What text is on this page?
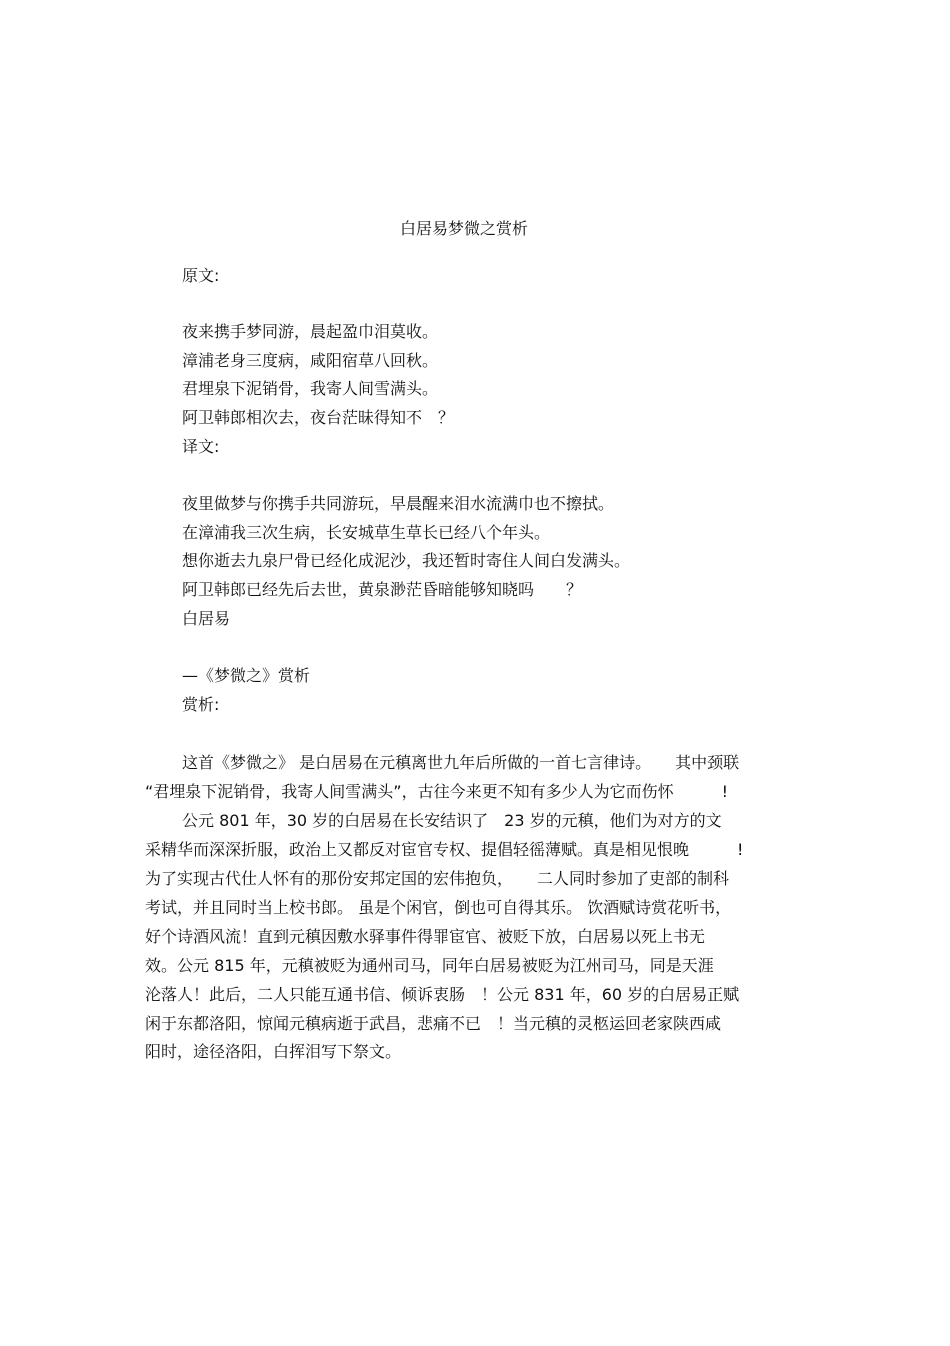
白居易梦微之赏析
原文:
夜来携手梦同游，晨起盈巾泪莫收。
漳浦老身三度病，咸阳宿草八回秋。
君埋泉下泥销骨，我寄人间雪满头。
阿卫韩郎相次去，夜台茫昧得知不　？
译文:
夜里做梦与你携手共同游玩，早晨醒来泪水流满巾也不擦拭。
在漳浦我三次生病，长安城草生草长已经八个年头。
想你逝去九泉尸骨已经化成泥沙，我还暂时寄住人间白发满头。
阿卫韩郎已经先后去世，黄泉渺茫昏暗能够知晓吗　　？
白居易
—《梦微之》赏析
赏析:
这首《梦微之》 是白居易在元稹离世九年后所做的一首七言律诗。　　其中颈联
“君埋泉下泥销骨，我寄人间雪满头”，古往今来更不知有多少人为它而伤怀　　　!
公元 801 年，30 岁的白居易在长安结识了　23 岁的元稹，他们为对方的文
采精华而深深折服，政治上又都反对宦官专权、提倡轻徭薄赋。真是相见恨晚　　　!
为了实现古代仕人怀有的那份安邦定国的宏伟抱负，　　二人同时参加了吏部的制科
考试，并且同时当上校书郎。 虽是个闲官，倒也可自得其乐。 饮酒赋诗赏花听书，
好个诗酒风流！直到元稹因敷水驿事件得罪宦官、被贬下放，白居易以死上书无
效。公元 815 年，元稹被贬为通州司马，同年白居易被贬为江州司马，同是天涯
沦落人！此后，二人只能互通书信、倾诉衷肠　！公元 831 年，60 岁的白居易正赋
闲于东都洛阳，惊闻元稹病逝于武昌，悲痛不已　！当元稹的灵柩运回老家陕西咸
阳时，途径洛阳，白挥泪写下祭文。
